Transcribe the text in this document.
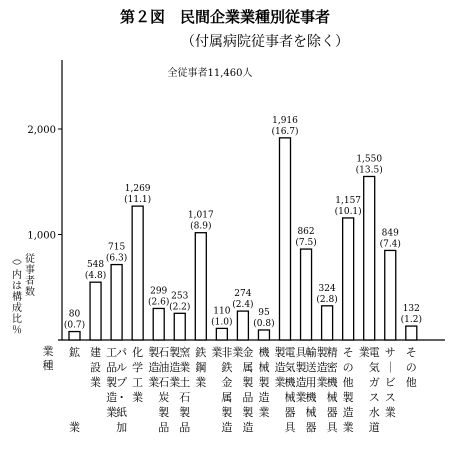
第２図　民間企業業種別従事者
（付属病院従事者を除く）
全従事者11,460人
1,000
2,000
従
事
者
数
︵
︶
内
は
構
成
比
％
業
種
80
(0.7)
鉱
業
548
(4.8)
建
設
業
715
(6.3)
パ
ル
プ
・
紙
加
工
品
製
造
業
1,269
(11.1)
化
学
工
業
299
(2.6)
石
油
石
炭
製
品
製
造
業
253
(2.2)
窯
業
土
石
製
品
製
造
業
1,017
(8.9)
鉄
鋼
業
110
(1.0)
非
鉄
金
属
製
造
業
274
(2.4)
金
属
製
品
製
造
業
95
(0.8)
機
械
製
造
業
1,916
(16.7)
電
気
機
械
器
具
製
造
業
862
(7.5)
輸
送
用
機
械
器
具
製
造
業
324
(2.8)
精
密
機
械
器
具
製
造
業
1,157
(10.1)
そ
の
他
製
造
業
1,550
(13.5)
電
気
ガ
ス
水
道
業
849
(7.4)
サ
｜
ビ
ス
業
132
(1.2)
そ
の
他
